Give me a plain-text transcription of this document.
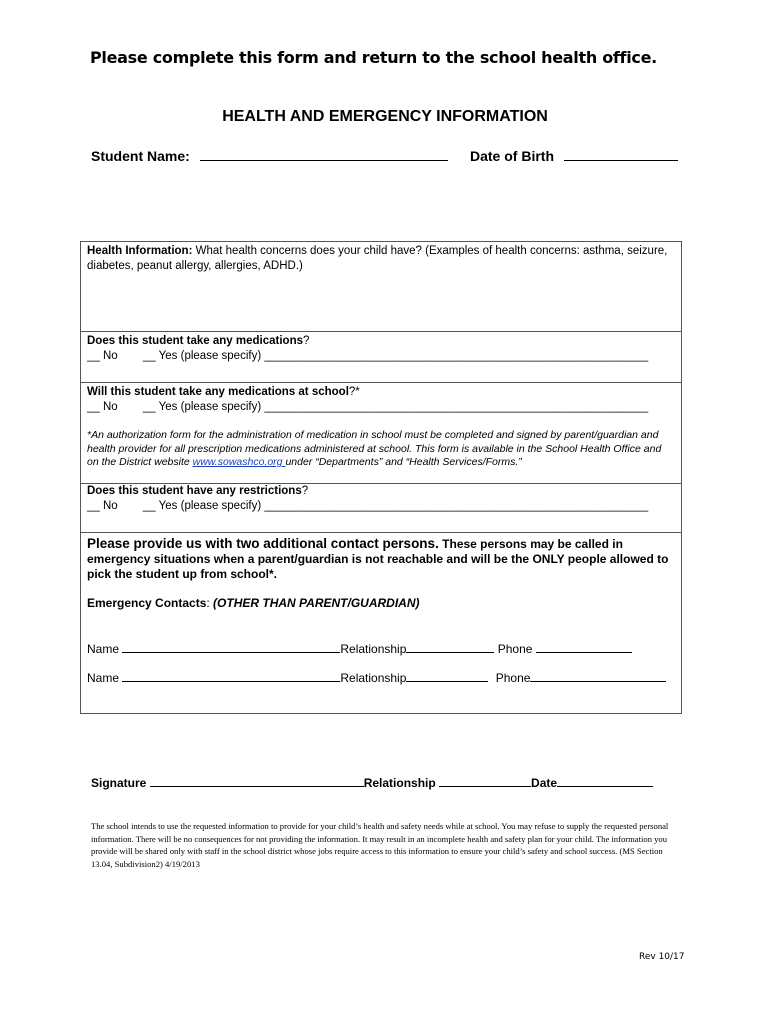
Please complete this form and return to the school health office.
HEALTH AND EMERGENCY INFORMATION
Student Name:	Date of Birth
Health Information: What health concerns does your child have? (Examples of health concerns: asthma, seizure, diabetes, peanut allergy, allergies, ADHD.)
Does this student take any medications?
__ No __ Yes (please specify) ____________________________________________________________
Will this student take any medications at school?*
__ No __ Yes (please specify) ____________________________________________________________
*An authorization form for the administration of medication in school must be completed and signed by parent/guardian and health provider for all prescription medications administered at school. This form is available in the School Health Office and on the District website www.sowashco.org under “Departments” and “Health Services/Forms.”
Does this student have any restrictions?
__ No __ Yes (please specify) ____________________________________________________________
Please provide us with two additional contact persons. These persons may be called in emergency situations when a parent/guardian is not reachable and will be the ONLY people allowed to pick the student up from school*.
Emergency Contacts: (OTHER THAN PARENT/GUARDIAN)
Name	Relationship	Phone
Name	Relationship	Phone
Signature	Relationship	Date
The school intends to use the requested information to provide for your child’s health and safety needs while at school. You may refuse to supply the requested personal information. There will be no consequences for not providing the information. It may result in an incomplete health and safety plan for your child. The information you provide will be shared only with staff in the school district whose jobs require access to this information to ensure your child’s safety and school success. (MS Section 13.04, Subdivision2) 4/19/2013
Rev 10/17
